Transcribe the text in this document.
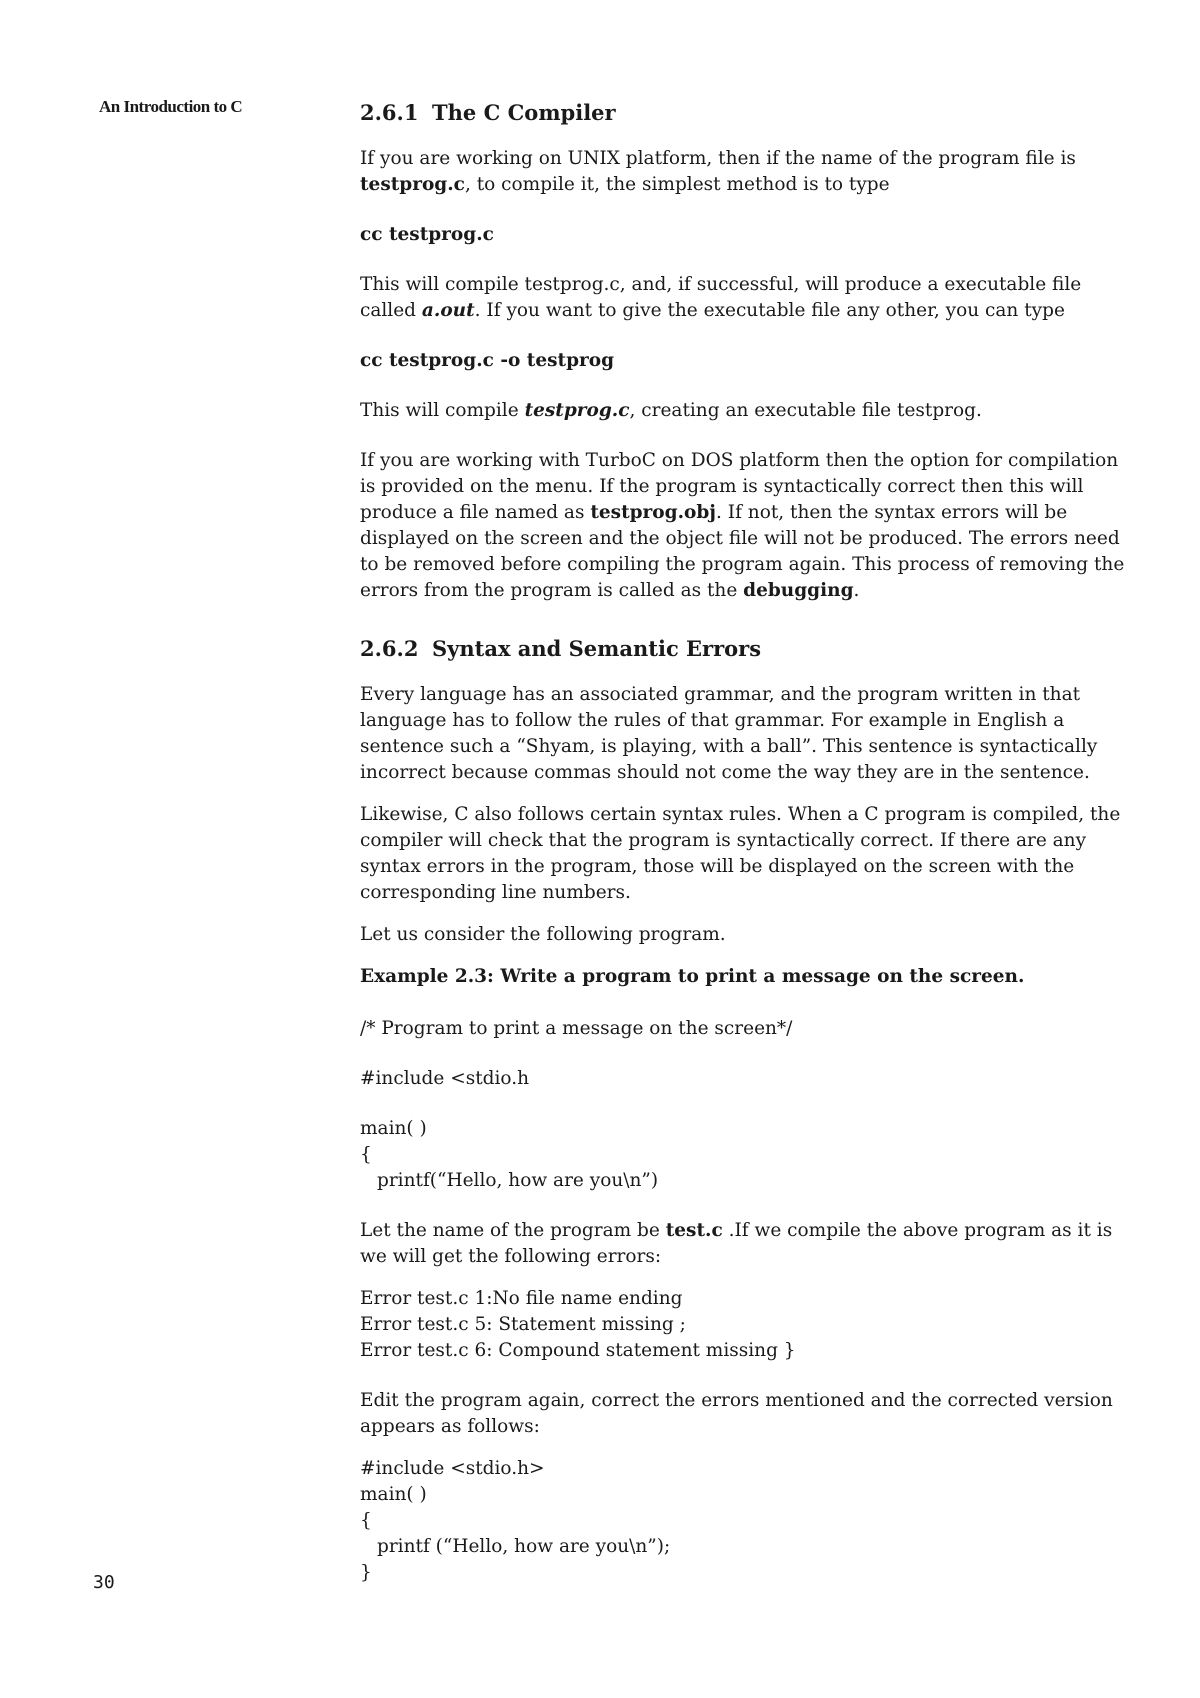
An Introduction to C
30
2.6.1 The C Compiler

If you are working on UNIX platform, then if the name of the program file is testprog.c, to compile it, the simplest method is to type

cc testprog.c

This will compile testprog.c, and, if successful, will produce a executable file called a.out. If you want to give the executable file any other, you can type

cc testprog.c -o testprog

This will compile testprog.c, creating an executable file testprog.

If you are working with TurboC on DOS platform then the option for compilation is provided on the menu. If the program is syntactically correct then this will produce a file named as testprog.obj. If not, then the syntax errors will be displayed on the screen and the object file will not be produced. The errors need to be removed before compiling the program again. This process of removing the errors from the program is called as the debugging.

2.6.2 Syntax and Semantic Errors

Every language has an associated grammar, and the program written in that language has to follow the rules of that grammar. For example in English a sentence such a “Shyam, is playing, with a ball”. This sentence is syntactically incorrect because commas should not come the way they are in the sentence.

Likewise, C also follows certain syntax rules. When a C program is compiled, the compiler will check that the program is syntactically correct. If there are any syntax errors in the program, those will be displayed on the screen with the corresponding line numbers.

Let us consider the following program.

Example 2.3: Write a program to print a message on the screen.
/* Program to print a message on the screen*/
#include <stdio.h
main( )
{
printf(“Hello, how are you\n”)

Let the name of the program be test.c .If we compile the above program as it is we will get the following errors:

Error test.c 1:No file name ending
Error test.c 5: Statement missing ;
Error test.c 6: Compound statement missing }

Edit the program again, correct the errors mentioned and the corrected version appears as follows:

#include <stdio.h>
main( )
{
printf (“Hello, how are you\n”);
}
